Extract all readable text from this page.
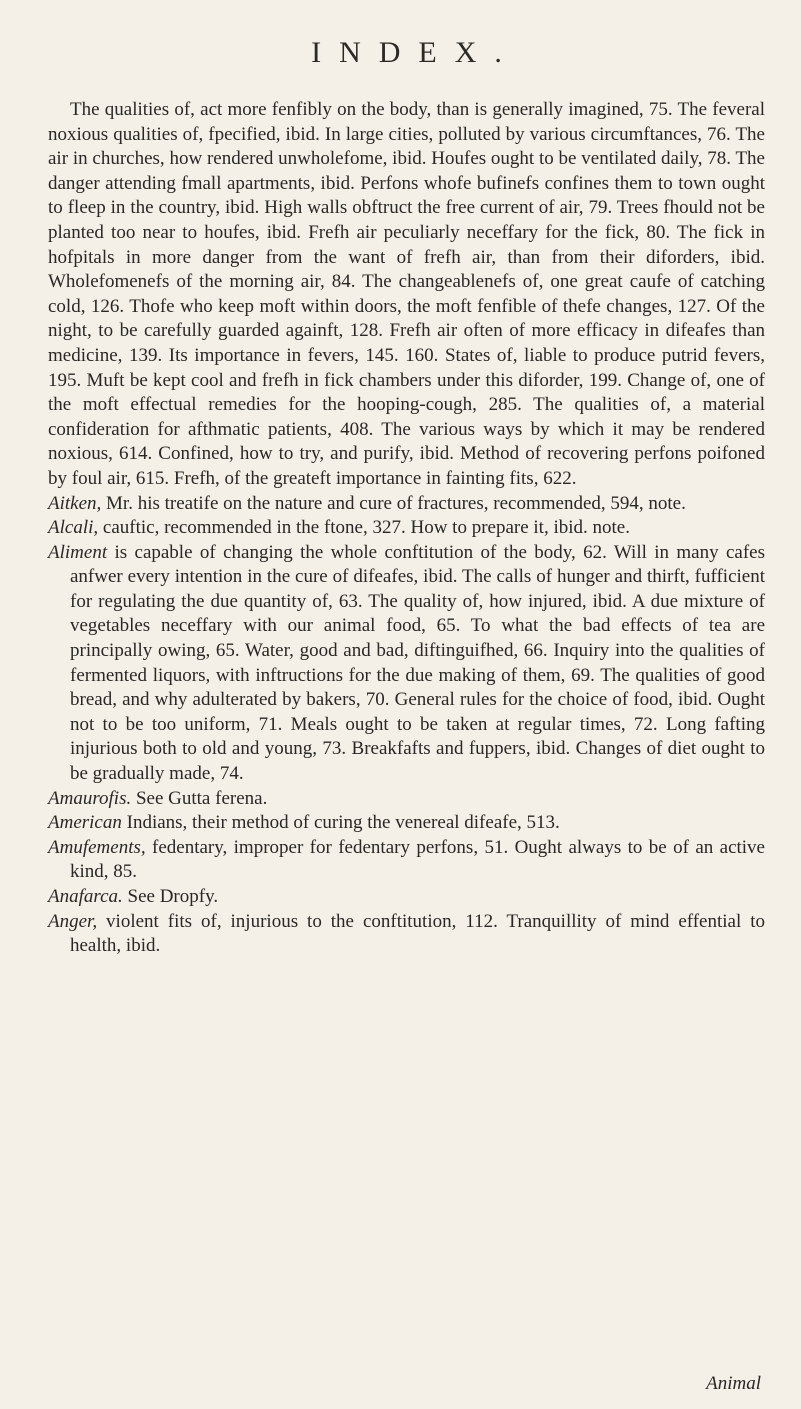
INDEX.

The qualities of, act more fenfibly on the body, than is generally imagined, 75. The feveral noxious qualities of, fpecified, ibid. In large cities, polluted by various circumftances, 76. The air in churches, how rendered unwholefome, ibid. Houfes ought to be ventilated daily, 78. The danger attending fmall apartments, ibid. Perfons whofe bufinefs confines them to town ought to fleep in the country, ibid. High walls obftruct the free current of air, 79. Trees fhould not be planted too near to houfes, ibid. Frefh air peculiarly neceffary for the fick, 80. The fick in hofpitals in more danger from the want of frefh air, than from their diforders, ibid. Wholefomenefs of the morning air, 84. The changeablenefs of, one great caufe of catching cold, 126. Thofe who keep moft within doors, the moft fenfible of thefe changes, 127. Of the night, to be carefully guarded againft, 128. Frefh air often of more efficacy in difeafes than medicine, 139. Its importance in fevers, 145. 160. States of, liable to produce putrid fevers, 195. Muft be kept cool and frefh in fick chambers under this diforder, 199. Change of, one of the moft effectual remedies for the hooping-cough, 285. The qualities of, a material confideration for afthmatic patients, 408. The various ways by which it may be rendered noxious, 614. Confined, how to try, and purify, ibid. Method of recovering perfons poifoned by foul air, 615. Frefh, of the greateft importance in fainting fits, 622.

Aitken, Mr. his treatife on the nature and cure of fractures, recommended, 594, note.

Alcali, cauftic, recommended in the ftone, 327. How to prepare it, ibid. note.

Aliment is capable of changing the whole conftitution of the body, 62. Will in many cafes anfwer every intention in the cure of difeafes, ibid. The calls of hunger and thirft, fufficient for regulating the due quantity of, 63. The quality of, how injured, ibid. A due mixture of vegetables neceffary with our animal food, 65. To what the bad effects of tea are principally owing, 65. Water, good and bad, diftinguifhed, 66. Inquiry into the qualities of fermented liquors, with inftructions for the due making of them, 69. The qualities of good bread, and why adulterated by bakers, 70. General rules for the choice of food, ibid. Ought not to be too uniform, 71. Meals ought to be taken at regular times, 72. Long fafting injurious both to old and young, 73. Breakfafts and fuppers, ibid. Changes of diet ought to be gradually made, 74.

Amaurofis. See Gutta ferena.

American Indians, their method of curing the venereal difeafe, 513.

Amufements, fedentary, improper for fedentary perfons, 51. Ought always to be of an active kind, 85.

Anafarca. See Dropfy.

Anger, violent fits of, injurious to the conftitution, 112. Tranquillity of mind effential to health, ibid.

Animal
